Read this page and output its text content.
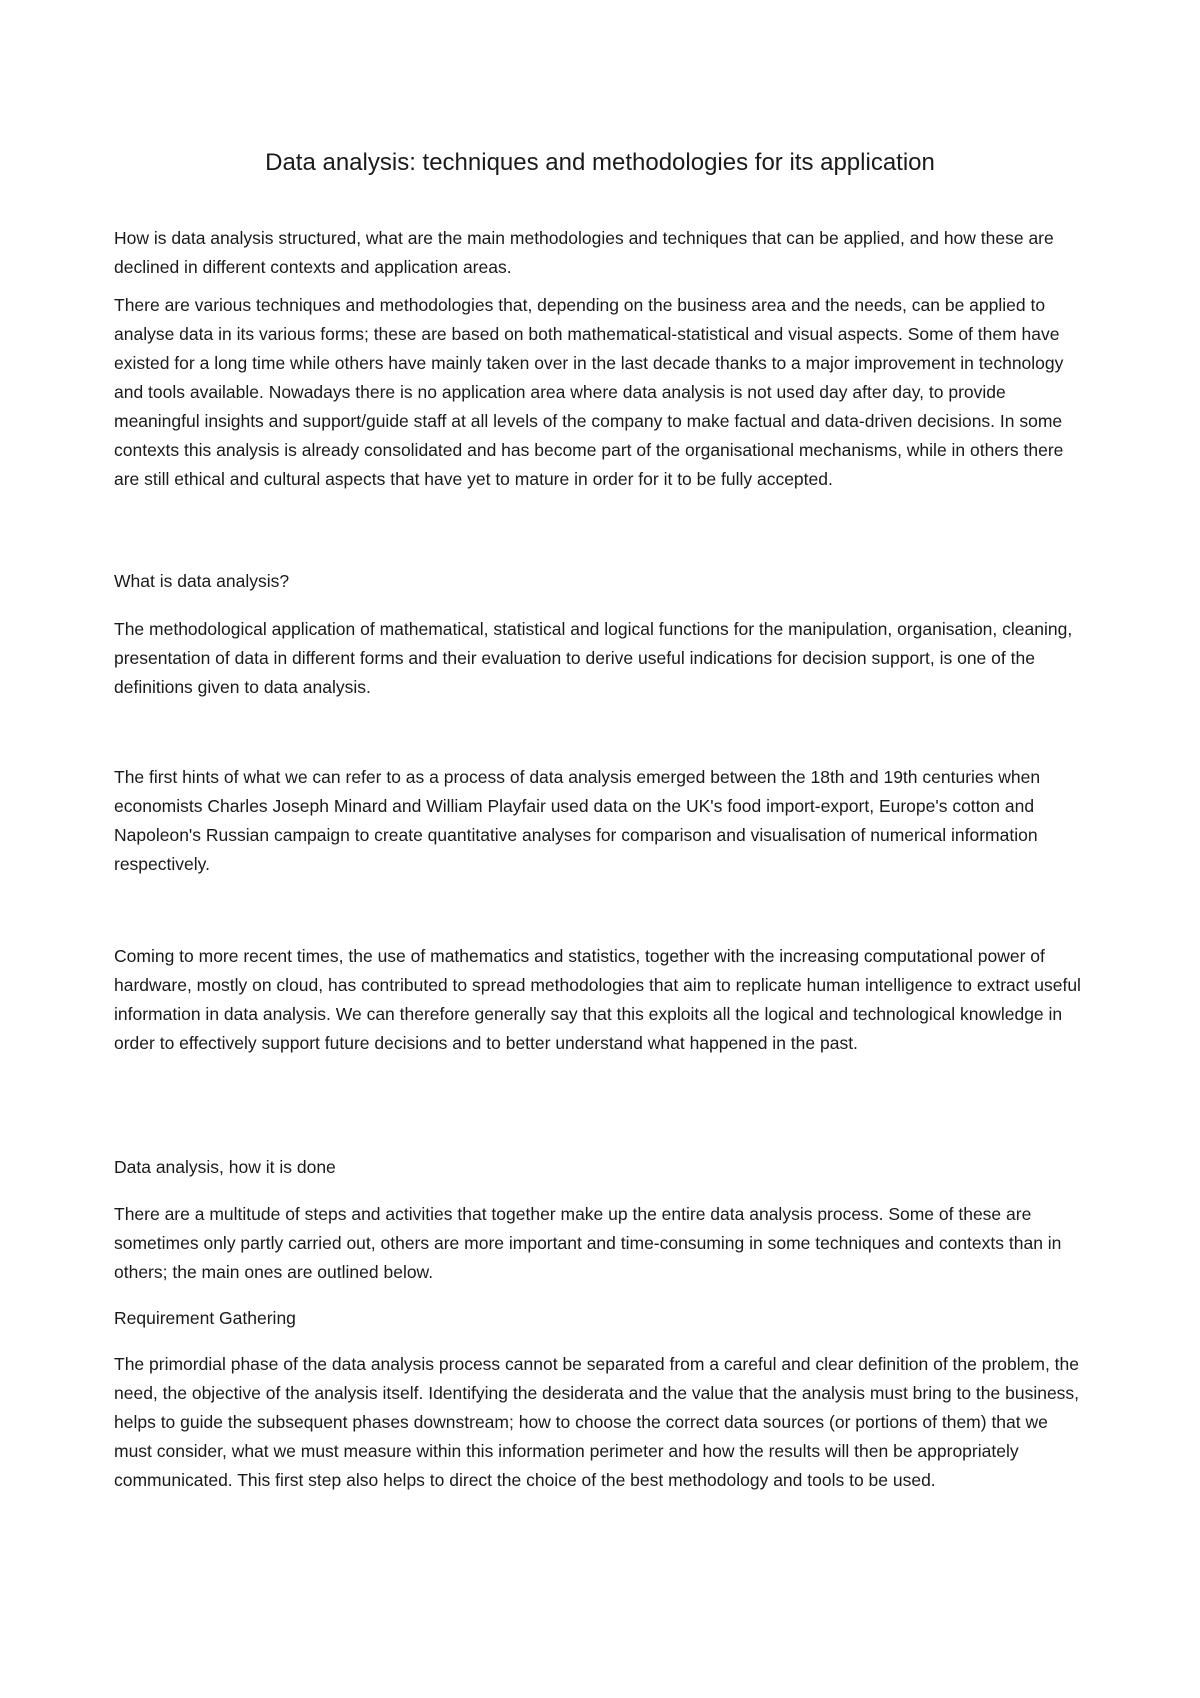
Data analysis: techniques and methodologies for its application
How is data analysis structured, what are the main methodologies and techniques that can be applied, and how these are declined in different contexts and application areas.
There are various techniques and methodologies that, depending on the business area and the needs, can be applied to analyse data in its various forms; these are based on both mathematical-statistical and visual aspects. Some of them have existed for a long time while others have mainly taken over in the last decade thanks to a major improvement in technology and tools available. Nowadays there is no application area where data analysis is not used day after day, to provide meaningful insights and support/guide staff at all levels of the company to make factual and data-driven decisions. In some contexts this analysis is already consolidated and has become part of the organisational mechanisms, while in others there are still ethical and cultural aspects that have yet to mature in order for it to be fully accepted.
What is data analysis?
The methodological application of mathematical, statistical and logical functions for the manipulation, organisation, cleaning, presentation of data in different forms and their evaluation to derive useful indications for decision support, is one of the definitions given to data analysis.
The first hints of what we can refer to as a process of data analysis emerged between the 18th and 19th centuries when economists Charles Joseph Minard and William Playfair used data on the UK's food import-export, Europe's cotton and Napoleon's Russian campaign to create quantitative analyses for comparison and visualisation of numerical information respectively.
Coming to more recent times, the use of mathematics and statistics, together with the increasing computational power of hardware, mostly on cloud, has contributed to spread methodologies that aim to replicate human intelligence to extract useful information in data analysis. We can therefore generally say that this exploits all the logical and technological knowledge in order to effectively support future decisions and to better understand what happened in the past.
Data analysis, how it is done
There are a multitude of steps and activities that together make up the entire data analysis process. Some of these are sometimes only partly carried out, others are more important and time-consuming in some techniques and contexts than in others; the main ones are outlined below.
Requirement Gathering
The primordial phase of the data analysis process cannot be separated from a careful and clear definition of the problem, the need, the objective of the analysis itself. Identifying the desiderata and the value that the analysis must bring to the business, helps to guide the subsequent phases downstream; how to choose the correct data sources (or portions of them) that we must consider, what we must measure within this information perimeter and how the results will then be appropriately communicated. This first step also helps to direct the choice of the best methodology and tools to be used.
